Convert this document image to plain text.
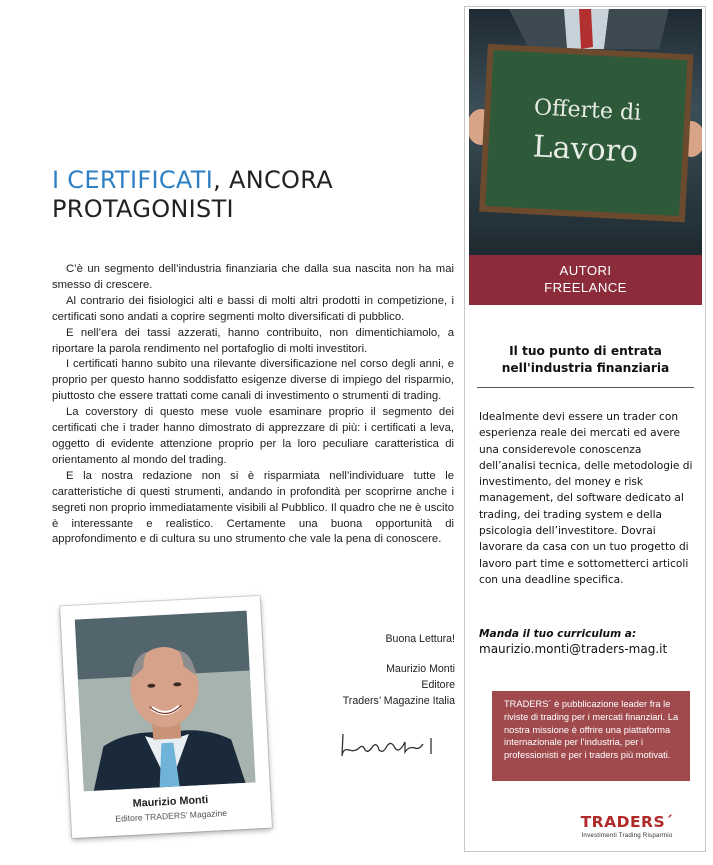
I CERTIFICATI, ANCORA PROTAGONISTI

C’è un segmento dell’industria finanziaria che dalla sua nascita non ha mai smesso di crescere.

Al contrario dei fisiologici alti e bassi di molti altri prodotti in competizione, i certificati sono andati a coprire segmenti molto diversificati di pubblico.

E nell’era dei tassi azzerati, hanno contribuito, non dimentichiamolo, a riportare la parola rendimento nel portafoglio di molti investitori.

I certificati hanno subito una rilevante diversificazione nel corso degli anni, e proprio per questo hanno soddisfatto esigenze diverse di impiego del risparmio, piuttosto che essere trattati come canali di investimento o strumenti di trading.

La coverstory di questo mese vuole esaminare proprio il segmento dei certificati che i trader hanno dimostrato di apprezzare di più: i certificati a leva, oggetto di evidente attenzione proprio per la loro peculiare caratteristica di orientamento al mondo del trading.

E la nostra redazione non si è risparmiata nell’individuare tutte le caratteristiche di questi strumenti, andando in profondità per scoprirne anche i segreti non proprio immediatamente visibili al Pubblico. Il quadro che ne è uscito è interessante e realistico. Certamente una buona opportunità di approfondimento e di cultura su uno strumento che vale la pena di conoscere.

Maurizio Monti
Editore TRADERS’ Magazine
Buona Lettura!
Maurizio Monti
Editore
Traders’ Magazine Italia
Offerte di
Lavoro
AUTORI
FREELANCE
Il tuo punto di entrata
nell'industria finanziaria
Idealmente devi essere un trader con esperienza reale dei mercati ed avere una considerevole conoscenza dell’analisi tecnica, delle metodologie di investimento, del money e risk management, del software dedicato al trading, dei trading system e della psicologia dell’investitore. Dovrai lavorare da casa con un tuo progetto di lavoro part time e sottometterci articoli con una deadline specifica.
Manda il tuo curriculum a:
maurizio.monti@traders-mag.it
TRADERS´ è pubblicazione leader fra le riviste di trading per i mercati finanziari. La nostra missione è offrire una piattaforma internazionale per l’industria, per i professionisti e per i traders più motivati.
TRADERS´
Investimenti Trading Risparmio
